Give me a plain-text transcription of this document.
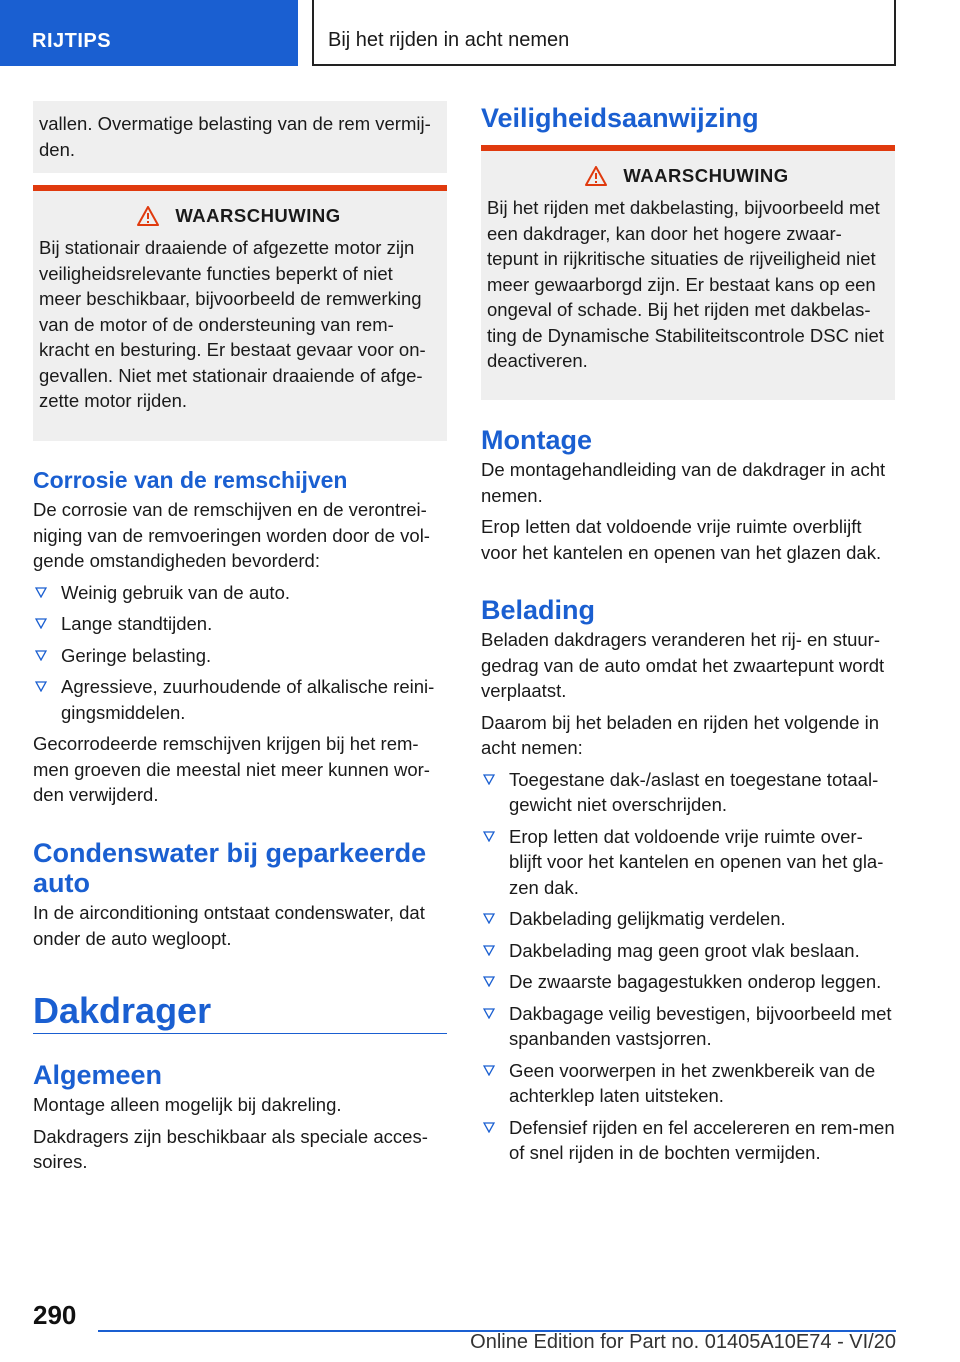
RIJTIPS	Bij het rijden in acht nemen

vallen. Overmatige belasting van de rem vermij-
den.

WAARSCHUWING

Bij stationair draaiende of afgezette motor zijn veiligheidsrelevante functies beperkt of niet meer beschikbaar, bijvoorbeeld de remwerking van de motor of de ondersteuning van rem-kracht en besturing. Er bestaat gevaar voor on-gevallen. Niet met stationair draaiende of afge-zette motor rijden.

Corrosie van de remschijven

De corrosie van de remschijven en de verontrei-niging van de remvoeringen worden door de vol-gende omstandigheden bevorderd:

Weinig gebruik van de auto.
Lange standtijden.
Geringe belasting.
Agressieve, zuurhoudende of alkalische reini-gingsmiddelen.

Gecorrodeerde remschijven krijgen bij het rem-men groeven die meestal niet meer kunnen wor-den verwijderd.

Condenswater bij geparkeerde auto

In de airconditioning ontstaat condenswater, dat onder de auto wegloopt.

Dakdrager
Algemeen

Montage alleen mogelijk bij dakreling.

Dakdragers zijn beschikbaar als speciale acces-soires.

Veiligheidsaanwijzing
WAARSCHUWING

Bij het rijden met dakbelasting, bijvoorbeeld met een dakdrager, kan door het hogere zwaar-tepunt in rijkritische situaties de rijveiligheid niet meer gewaarborgd zijn. Er bestaat kans op een ongeval of schade. Bij het rijden met dakbelas-ting de Dynamische Stabiliteitscontrole DSC niet deactiveren.

Montage

De montagehandleiding van de dakdrager in acht nemen.

Erop letten dat voldoende vrije ruimte overblijft voor het kantelen en openen van het glazen dak.

Belading

Beladen dakdragers veranderen het rij- en stuur-gedrag van de auto omdat het zwaartepunt wordt verplaatst.

Daarom bij het beladen en rijden het volgende in acht nemen:

Toegestane dak-/aslast en toegestane totaal-gewicht niet overschrijden.
Erop letten dat voldoende vrije ruimte over-blijft voor het kantelen en openen van het gla-zen dak.
Dakbelading gelijkmatig verdelen.
Dakbelading mag geen groot vlak beslaan.
De zwaarste bagagestukken onderop leggen.
Dakbagage veilig bevestigen, bijvoorbeeld met spanbanden vastsjorren.
Geen voorwerpen in het zwenkbereik van de achterklep laten uitsteken.
Defensief rijden en fel accelereren en rem-men of snel rijden in de bochten vermijden.
290
Online Edition for Part no. 01405A10E74 - VI/20
